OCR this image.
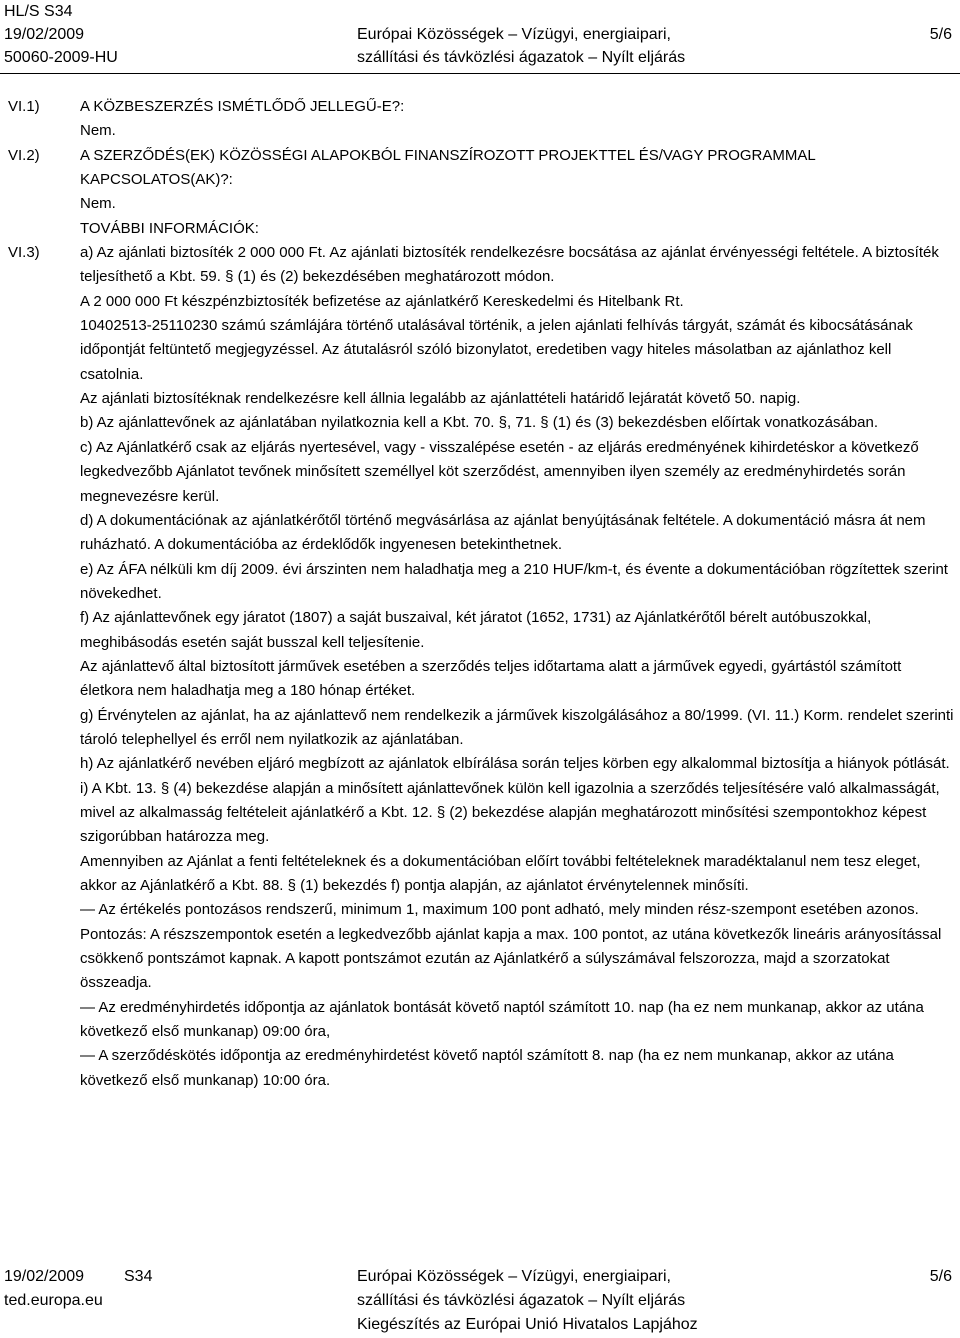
HL/S S34
19/02/2009
50060-2009-HU

Európai Közösségek – Vízügyi, energiaipari,
szállítási és távközlési ágazatok – Nyílt eljárás
5/6
VI.1)
VI.2)
VI.3)

A KÖZBESZERZÉS ISMÉTLŐDŐ JELLEGŰ-E?:

Nem.

A SZERZŐDÉS(EK) KÖZÖSSÉGI ALAPOKBÓL FINANSZÍROZOTT PROJEKTTEL ÉS/VAGY PROGRAMMAL KAPCSOLATOS(AK)?:

Nem.

TOVÁBBI INFORMÁCIÓK:

a) Az ajánlati biztosíték 2 000 000 Ft. Az ajánlati biztosíték rendelkezésre bocsátása az ajánlat érvényességi feltétele. A biztosíték teljesíthető a Kbt. 59. § (1) és (2) bekezdésében meghatározott módon.

A 2 000 000 Ft készpénzbiztosíték befizetése az ajánlatkérő Kereskedelmi és Hitelbank Rt.

10402513-25110230 számú számlájára történő utalásával történik, a jelen ajánlati felhívás tárgyát, számát és kibocsátásának időpontját feltüntető megjegyzéssel. Az átutalásról szóló bizonylatot, eredetiben vagy hiteles másolatban az ajánlathoz kell csatolnia.

Az ajánlati biztosítéknak rendelkezésre kell állnia legalább az ajánlattételi határidő lejáratát követő 50. napig.

b) Az ajánlattevőnek az ajánlatában nyilatkoznia kell a Kbt. 70. §, 71. § (1) és (3) bekezdésben előírtak vonatkozásában.

c) Az Ajánlatkérő csak az eljárás nyertesével, vagy - visszalépése esetén - az eljárás eredményének kihirdetéskor a következő legkedvezőbb Ajánlatot tevőnek minősített személlyel köt szerződést, amennyiben ilyen személy az eredményhirdetés során megnevezésre kerül.

d) A dokumentációnak az ajánlatkérőtől történő megvásárlása az ajánlat benyújtásának feltétele. A dokumentáció másra át nem ruházható. A dokumentációba az érdeklődők ingyenesen betekinthetnek.

e) Az ÁFA nélküli km díj 2009. évi árszinten nem haladhatja meg a 210 HUF/km-t, és évente a dokumentációban rögzítettek szerint növekedhet.

f) Az ajánlattevőnek egy járatot (1807) a saját buszaival, két járatot (1652, 1731) az Ajánlatkérőtől bérelt autóbuszokkal, meghibásodás esetén saját busszal kell teljesítenie.

Az ajánlattevő által biztosított járművek esetében a szerződés teljes időtartama alatt a járművek egyedi, gyártástól számított életkora nem haladhatja meg a 180 hónap értéket.

g) Érvénytelen az ajánlat, ha az ajánlattevő nem rendelkezik a járművek kiszolgálásához a 80/1999. (VI. 11.) Korm. rendelet szerinti tároló telephellyel és erről nem nyilatkozik az ajánlatában.

h) Az ajánlatkérő nevében eljáró megbízott az ajánlatok elbírálása során teljes körben egy alkalommal biztosítja a hiányok pótlását.

i) A Kbt. 13. § (4) bekezdése alapján a minősített ajánlattevőnek külön kell igazolnia a szerződés teljesítésére való alkalmasságát, mivel az alkalmasság feltételeit ajánlatkérő a Kbt. 12. § (2) bekezdése alapján meghatározott minősítési szempontokhoz képest szigorúbban határozza meg.

Amennyiben az Ajánlat a fenti feltételeknek és a dokumentációban előírt további feltételeknek maradéktalanul nem tesz eleget, akkor az Ajánlatkérő a Kbt. 88. § (1) bekezdés f) pontja alapján, az ajánlatot érvénytelennek minősíti.

— Az értékelés pontozásos rendszerű, minimum 1, maximum 100 pont adható, mely minden rész-szempont esetében azonos.

Pontozás: A részszempontok esetén a legkedvezőbb ajánlat kapja a max. 100 pontot, az utána következők lineáris arányosítással csökkenő pontszámot kapnak. A kapott pontszámot ezután az Ajánlatkérő a súlyszámával felszorozza, majd a szorzatokat összeadja.

— Az eredményhirdetés időpontja az ajánlatok bontását követő naptól számított 10. nap (ha ez nem munkanap, akkor az utána következő első munkanap) 09:00 óra,

— A szerződéskötés időpontja az eredményhirdetést követő naptól számított 8. nap (ha ez nem munkanap, akkor az utána következő első munkanap) 10:00 óra.

19/02/2009 S34
ted.europa.eu
Európai Közösségek – Vízügyi, energiaipari,
szállítási és távközlési ágazatok – Nyílt eljárás
Kiegészítés az Európai Unió Hivatalos Lapjához
5/6
